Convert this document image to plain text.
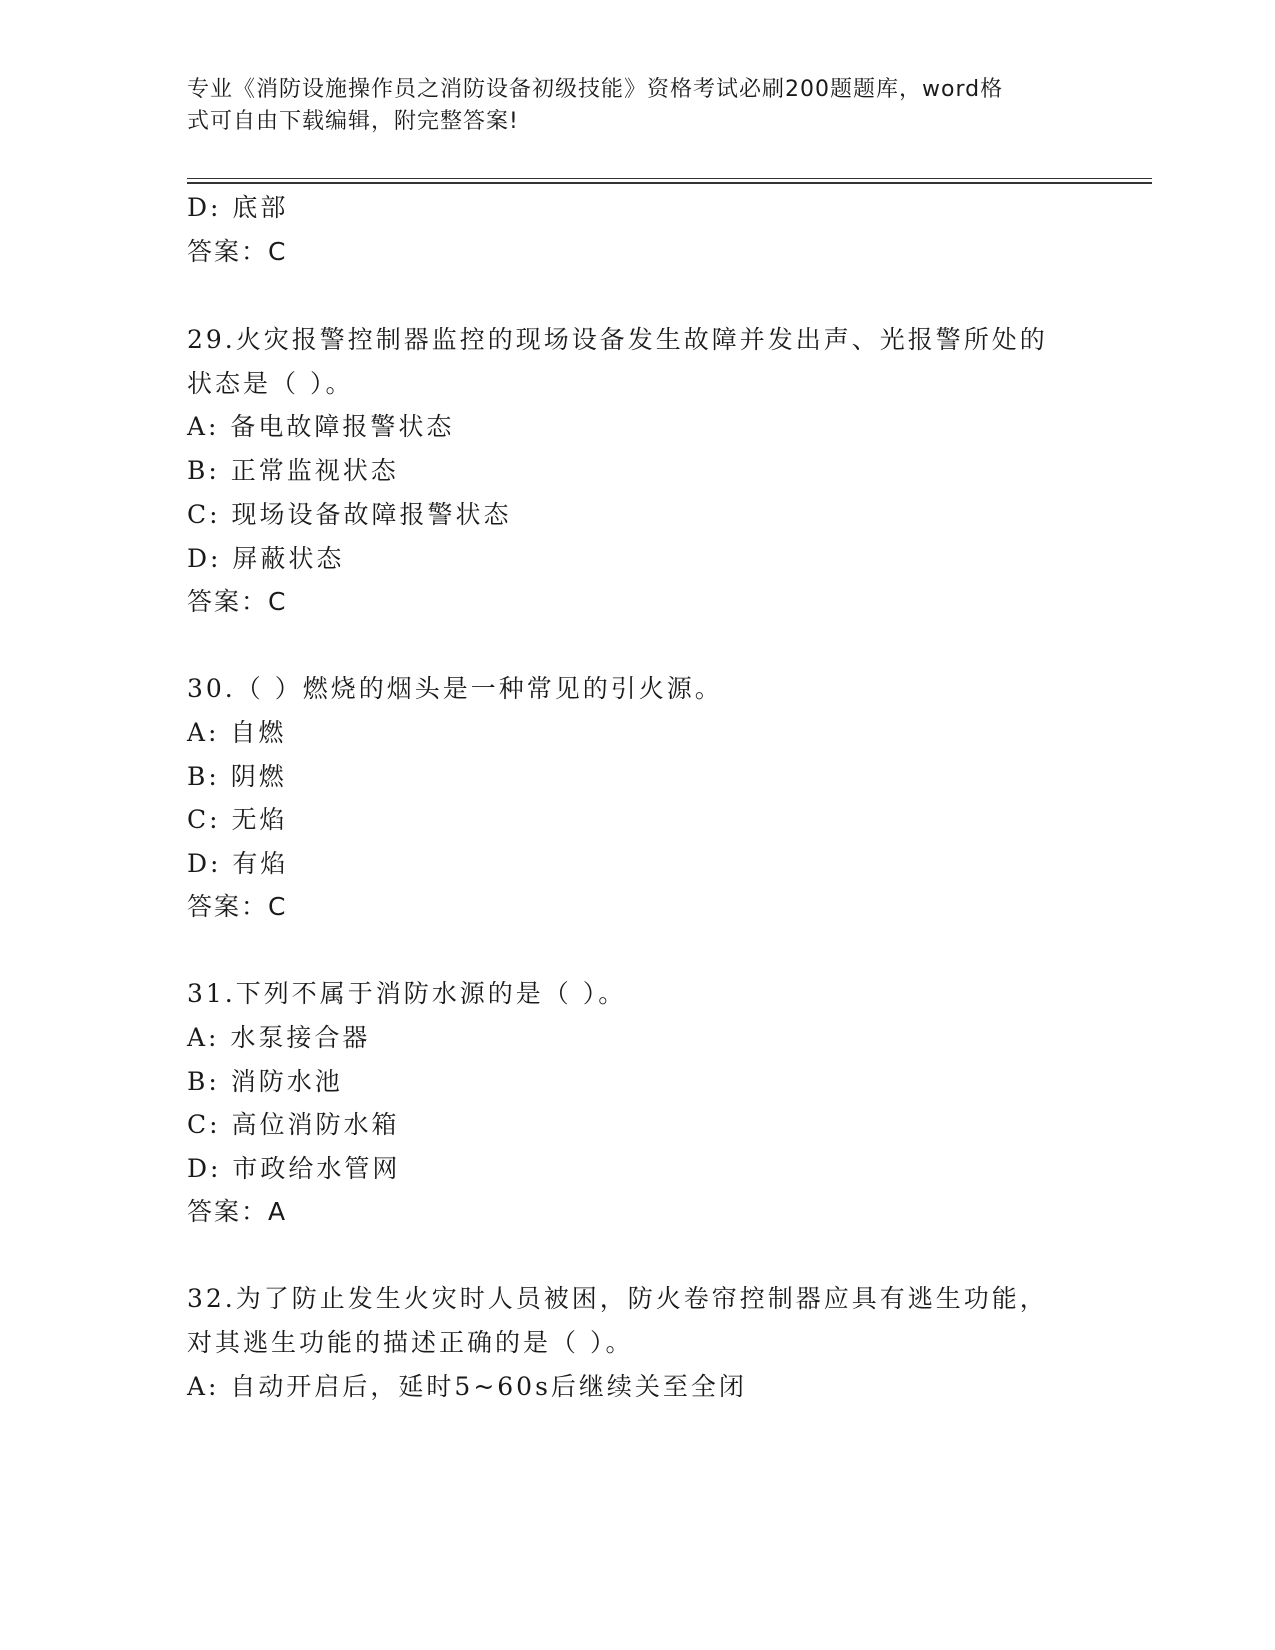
专业《消防设施操作员之消防设备初级技能》资格考试必刷200题题库，word格
式可自由下载编辑，附完整答案!
D: 底部
答案：C
29.火灾报警控制器监控的现场设备发生故障并发出声、光报警所处的
状态是（ ）。
A: 备电故障报警状态
B: 正常监视状态
C: 现场设备故障报警状态
D: 屏蔽状态
答案：C
30.（ ）燃烧的烟头是一种常见的引火源。
A: 自燃
B: 阴燃
C: 无焰
D: 有焰
答案：C
31.下列不属于消防水源的是（ ）。
A: 水泵接合器
B: 消防水池
C: 高位消防水箱
D: 市政给水管网
答案：A
32.为了防止发生火灾时人员被困，防火卷帘控制器应具有逃生功能，
对其逃生功能的描述正确的是（ ）。
A: 自动开启后，延时5~60s后继续关至全闭
